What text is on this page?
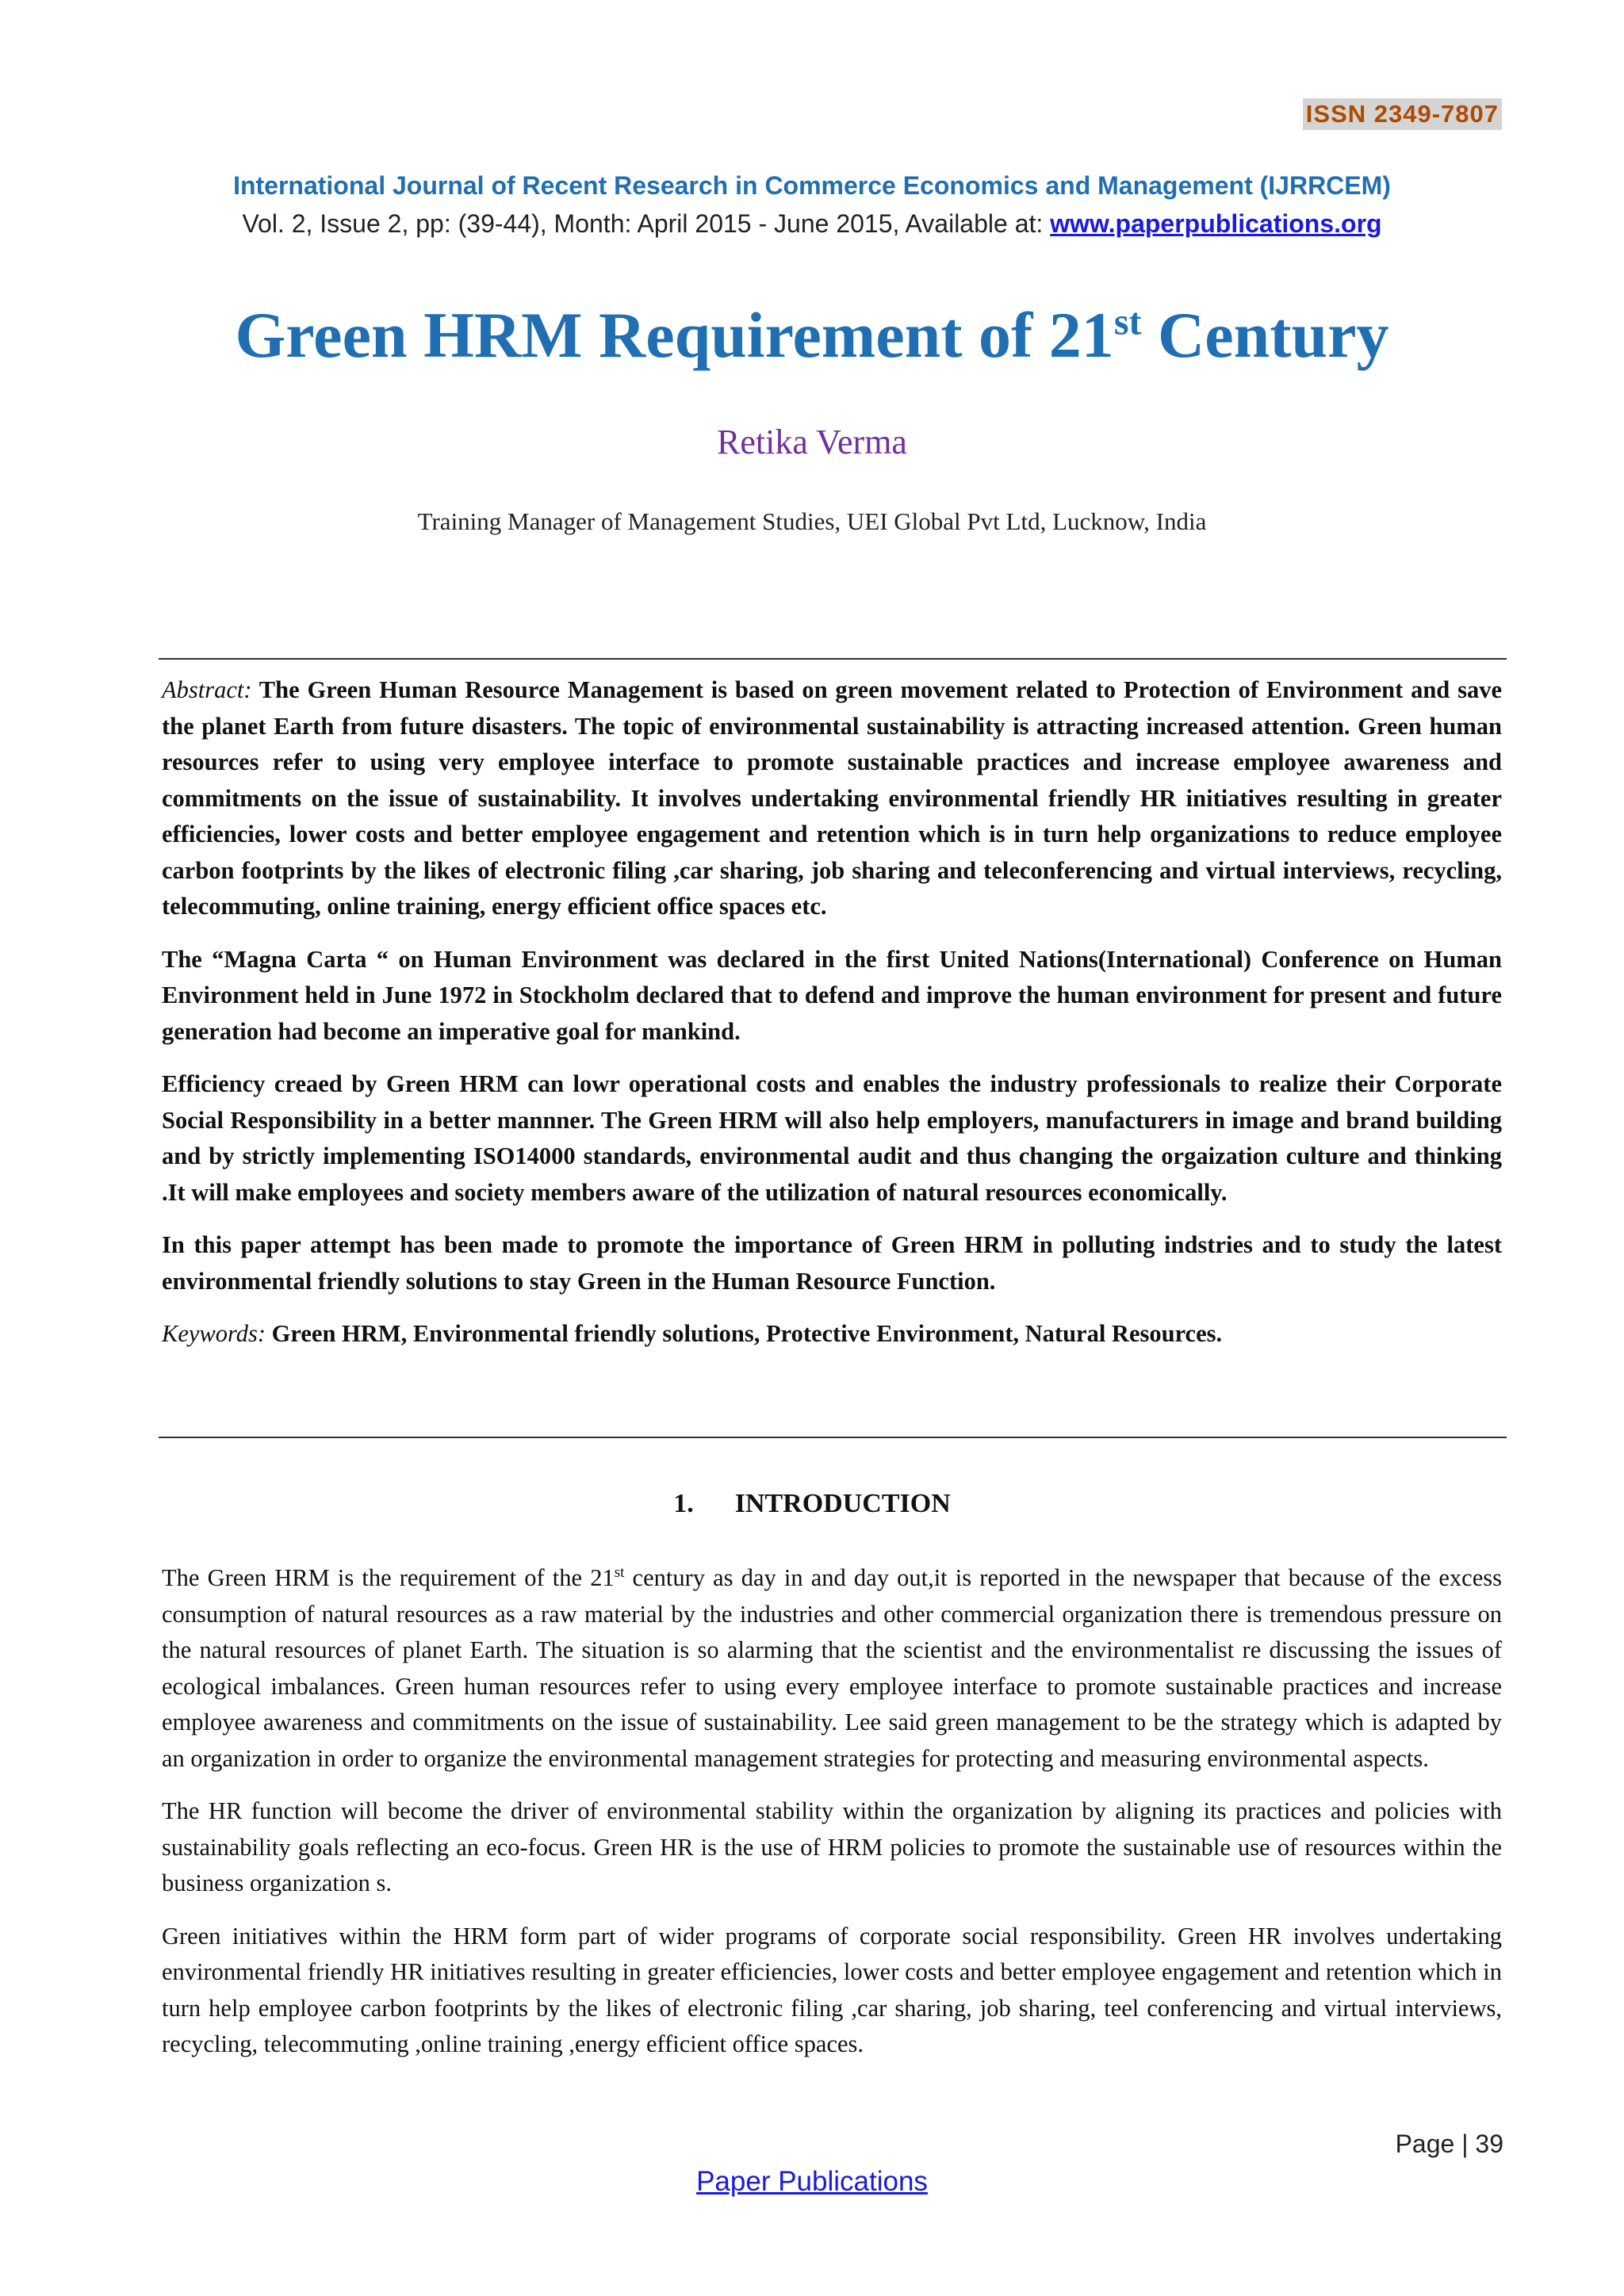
ISSN 2349-7807
International Journal of Recent Research in Commerce Economics and Management (IJRRCEM)
Vol. 2, Issue 2, pp: (39-44), Month: April 2015 - June 2015, Available at: www.paperpublications.org
Green HRM Requirement of 21st Century
Retika Verma
Training Manager of Management Studies, UEI Global Pvt Ltd, Lucknow, India

Abstract: The Green Human Resource Management is based on green movement related to Protection of Environment and save the planet Earth from future disasters. The topic of environmental sustainability is attracting increased attention. Green human resources refer to using very employee interface to promote sustainable practices and increase employee awareness and commitments on the issue of sustainability. It involves undertaking environmental friendly HR initiatives resulting in greater efficiencies, lower costs and better employee engagement and retention which is in turn help organizations to reduce employee carbon footprints by the likes of electronic filing ,car sharing, job sharing and teleconferencing and virtual interviews, recycling, telecommuting, online training, energy efficient office spaces etc.

The “Magna Carta “ on Human Environment was declared in the first United Nations(International) Conference on Human Environment held in June 1972 in Stockholm declared that to defend and improve the human environment for present and future generation had become an imperative goal for mankind.

Efficiency creaed by Green HRM can lowr operational costs and enables the industry professionals to realize their Corporate Social Responsibility in a better mannner. The Green HRM will also help employers, manufacturers in image and brand building and by strictly implementing ISO14000 standards, environmental audit and thus changing the orgaization culture and thinking .It will make employees and society members aware of the utilization of natural resources economically.

In this paper attempt has been made to promote the importance of Green HRM in polluting indstries and to study the latest environmental friendly solutions to stay Green in the Human Resource Function.

Keywords: Green HRM, Environmental friendly solutions, Protective Environment, Natural Resources.

1. INTRODUCTION

The Green HRM is the requirement of the 21st century as day in and day out,it is reported in the newspaper that because of the excess consumption of natural resources as a raw material by the industries and other commercial organization there is tremendous pressure on the natural resources of planet Earth. The situation is so alarming that the scientist and the environmentalist re discussing the issues of ecological imbalances. Green human resources refer to using every employee interface to promote sustainable practices and increase employee awareness and commitments on the issue of sustainability. Lee said green management to be the strategy which is adapted by an organization in order to organize the environmental management strategies for protecting and measuring environmental aspects.

The HR function will become the driver of environmental stability within the organization by aligning its practices and policies with sustainability goals reflecting an eco-focus. Green HR is the use of HRM policies to promote the sustainable use of resources within the business organization s.

Green initiatives within the HRM form part of wider programs of corporate social responsibility. Green HR involves undertaking environmental friendly HR initiatives resulting in greater efficiencies, lower costs and better employee engagement and retention which in turn help employee carbon footprints by the likes of electronic filing ,car sharing, job sharing, teel conferencing and virtual interviews, recycling, telecommuting ,online training ,energy efficient office spaces.

Page | 39
Paper Publications
